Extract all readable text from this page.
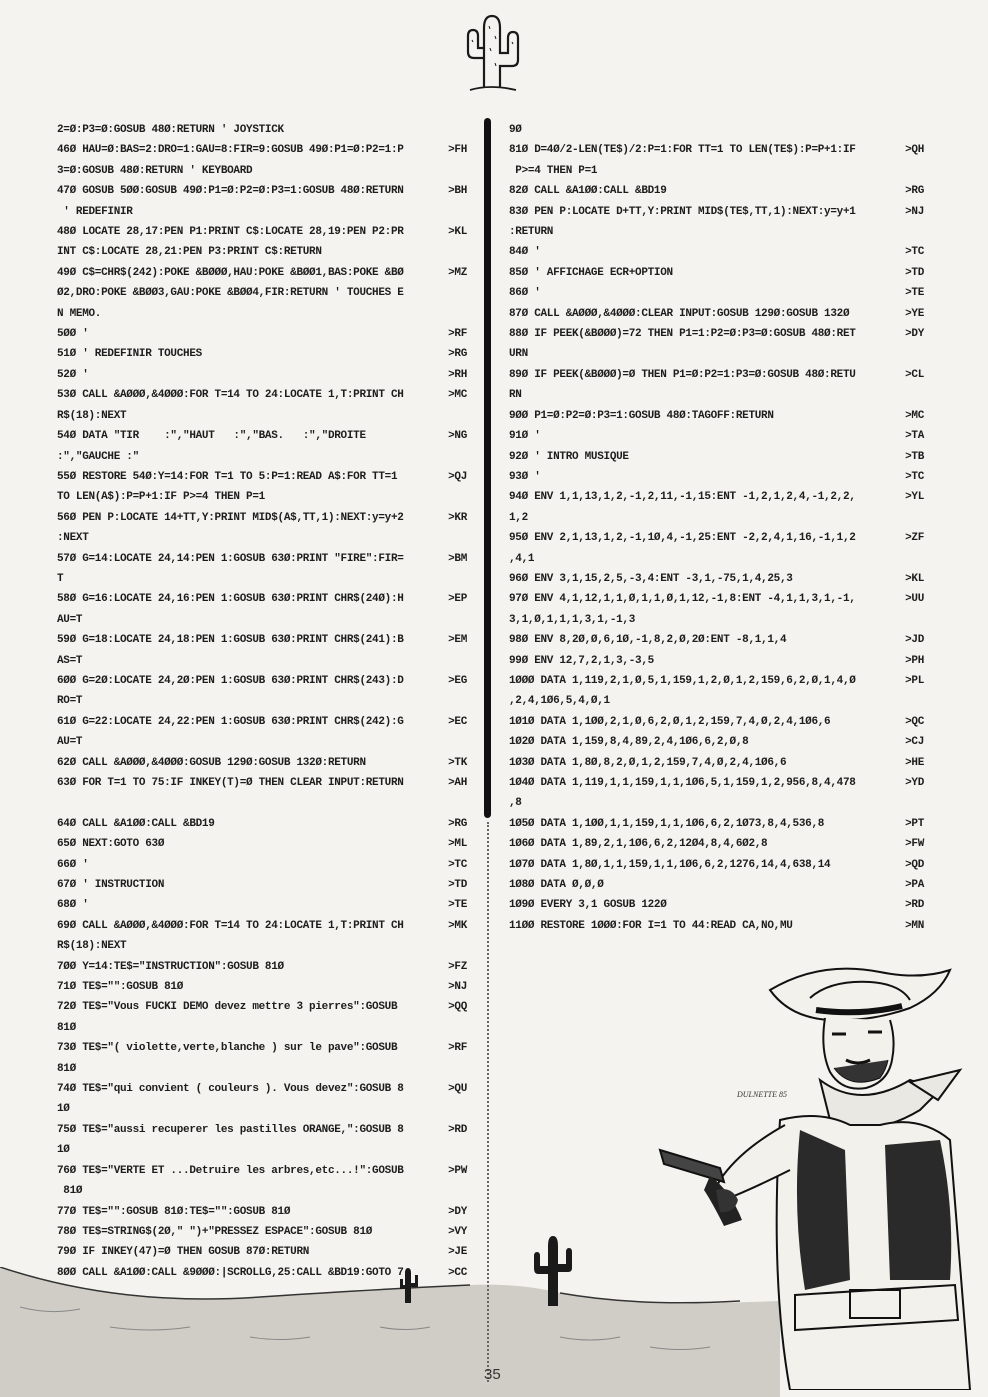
2=Ø:P3=Ø:GOSUB 48Ø:RETURN ' JOYSTICK
46Ø HAU=Ø:BAS=2:DRO=1:GAU=8:FIR=9:GOSUB 49Ø:P1=Ø:P2=1:P	>FH
3=Ø:GOSUB 48Ø:RETURN ' KEYBOARD
47Ø GOSUB 5ØØ:GOSUB 49Ø:P1=Ø:P2=Ø:P3=1:GOSUB 48Ø:RETURN	>BH
' REDEFINIR
48Ø LOCATE 28,17:PEN P1:PRINT C$:LOCATE 28,19:PEN P2:PR	>KL
INT C$:LOCATE 28,21:PEN P3:PRINT C$:RETURN
49Ø C$=CHR$(242):POKE &BØØØ,HAU:POKE &BØØ1,BAS:POKE &BØ	>MZ
Ø2,DRO:POKE &BØØ3,GAU:POKE &BØØ4,FIR:RETURN ' TOUCHES E
N MEMO.
5ØØ '	>RF
51Ø ' REDEFINIR TOUCHES	>RG
52Ø '	>RH
53Ø CALL &AØØØ,&4ØØØ:FOR T=14 TO 24:LOCATE 1,T:PRINT CH	>MC
R$(18):NEXT
54Ø DATA "TIR    :","HAUT   :","BAS.   :","DROITE	>NG
:","GAUCHE :"
55Ø RESTORE 54Ø:Y=14:FOR T=1 TO 5:P=1:READ A$:FOR TT=1	>QJ
TO LEN(A$):P=P+1:IF P>=4 THEN P=1
56Ø PEN P:LOCATE 14+TT,Y:PRINT MID$(A$,TT,1):NEXT:y=y+2	>KR
:NEXT
57Ø G=14:LOCATE 24,14:PEN 1:GOSUB 63Ø:PRINT "FIRE":FIR=	>BM
T
58Ø G=16:LOCATE 24,16:PEN 1:GOSUB 63Ø:PRINT CHR$(24Ø):H	>EP
AU=T
59Ø G=18:LOCATE 24,18:PEN 1:GOSUB 63Ø:PRINT CHR$(241):B	>EM
AS=T
6ØØ G=2Ø:LOCATE 24,2Ø:PEN 1:GOSUB 63Ø:PRINT CHR$(243):D	>EG
RO=T
61Ø G=22:LOCATE 24,22:PEN 1:GOSUB 63Ø:PRINT CHR$(242):G	>EC
AU=T
62Ø CALL &AØØØ,&4ØØØ:GOSUB 129Ø:GOSUB 132Ø:RETURN	>TK
63Ø FOR T=1 TO 75:IF INKEY(T)=Ø THEN CLEAR INPUT:RETURN	>AH
64Ø CALL &A1ØØ:CALL &BD19	>RG
65Ø NEXT:GOTO 63Ø	>ML
66Ø '	>TC
67Ø ' INSTRUCTION	>TD
68Ø '	>TE
69Ø CALL &AØØØ,&4ØØØ:FOR T=14 TO 24:LOCATE 1,T:PRINT CH	>MK
R$(18):NEXT
7ØØ Y=14:TE$="INSTRUCTION":GOSUB 81Ø	>FZ
71Ø TE$="":GOSUB 81Ø	>NJ
72Ø TE$="Vous FUCKI DEMO devez mettre 3 pierres":GOSUB	>QQ
81Ø
73Ø TE$="( violette,verte,blanche ) sur le pave":GOSUB	>RF
81Ø
74Ø TE$="qui convient ( couleurs ). Vous devez":GOSUB 8	>QU
1Ø
75Ø TE$="aussi recuperer les pastilles ORANGE,":GOSUB 8	>RD
1Ø
76Ø TE$="VERTE ET ...Detruire les arbres,etc...!":GOSUB	>PW
81Ø
77Ø TE$="":GOSUB 81Ø:TE$="":GOSUB 81Ø	>DY
78Ø TE$=STRING$(2Ø," ")+"PRESSEZ ESPACE":GOSUB 81Ø	>VY
79Ø IF INKEY(47)=Ø THEN GOSUB 87Ø:RETURN	>JE
8ØØ CALL &A1ØØ:CALL &9ØØØ:|SCROLLG,25:CALL &BD19:GOTO 7	>CC
9Ø
81Ø D=4Ø/2-LEN(TE$)/2:P=1:FOR TT=1 TO LEN(TE$):P=P+1:IF	>QH
P>=4 THEN P=1
82Ø CALL &A1ØØ:CALL &BD19	>RG
83Ø PEN P:LOCATE D+TT,Y:PRINT MID$(TE$,TT,1):NEXT:y=y+1	>NJ
:RETURN
84Ø '	>TC
85Ø ' AFFICHAGE ECR+OPTION	>TD
86Ø '	>TE
87Ø CALL &AØØØ,&4ØØØ:CLEAR INPUT:GOSUB 129Ø:GOSUB 132Ø	>YE
88Ø IF PEEK(&BØØØ)=72 THEN P1=1:P2=Ø:P3=Ø:GOSUB 48Ø:RET	>DY
URN
89Ø IF PEEK(&BØØØ)=Ø THEN P1=Ø:P2=1:P3=Ø:GOSUB 48Ø:RETU	>CL
RN
9ØØ P1=Ø:P2=Ø:P3=1:GOSUB 48Ø:TAGOFF:RETURN	>MC
91Ø '	>TA
92Ø ' INTRO MUSIQUE	>TB
93Ø '	>TC
94Ø ENV 1,1,13,1,2,-1,2,11,-1,15:ENT -1,2,1,2,4,-1,2,2,	>YL
1,2
95Ø ENV 2,1,13,1,2,-1,1Ø,4,-1,25:ENT -2,2,4,1,16,-1,1,2	>ZF
,4,1
96Ø ENV 3,1,15,2,5,-3,4:ENT -3,1,-75,1,4,25,3	>KL
97Ø ENV 4,1,12,1,1,Ø,1,1,Ø,1,12,-1,8:ENT -4,1,1,3,1,-1,	>UU
3,1,Ø,1,1,1,3,1,-1,3
98Ø ENV 8,2Ø,Ø,6,1Ø,-1,8,2,Ø,2Ø:ENT -8,1,1,4	>JD
99Ø ENV 12,7,2,1,3,-3,5	>PH
1ØØØ DATA 1,119,2,1,Ø,5,1,159,1,2,Ø,1,2,159,6,2,Ø,1,4,Ø	>PL
,2,4,1Ø6,5,4,Ø,1
1Ø1Ø DATA 1,1ØØ,2,1,Ø,6,2,Ø,1,2,159,7,4,Ø,2,4,1Ø6,6	>QC
1Ø2Ø DATA 1,159,8,4,89,2,4,1Ø6,6,2,Ø,8	>CJ
1Ø3Ø DATA 1,8Ø,8,2,Ø,1,2,159,7,4,Ø,2,4,1Ø6,6	>HE
1Ø4Ø DATA 1,119,1,1,159,1,1,1Ø6,5,1,159,1,2,956,8,4,478	>YD
,8
1Ø5Ø DATA 1,1ØØ,1,1,159,1,1,1Ø6,6,2,1Ø73,8,4,536,8	>PT
1Ø6Ø DATA 1,89,2,1,1Ø6,6,2,12Ø4,8,4,6Ø2,8	>FW
1Ø7Ø DATA 1,8Ø,1,1,159,1,1,1Ø6,6,2,1276,14,4,638,14	>QD
1Ø8Ø DATA Ø,Ø,Ø	>PA
1Ø9Ø EVERY 3,1 GOSUB 122Ø	>RD
11ØØ RESTORE 1ØØØ:FOR I=1 TO 44:READ CA,NO,MU	>MN
35
DULNETTE 85
